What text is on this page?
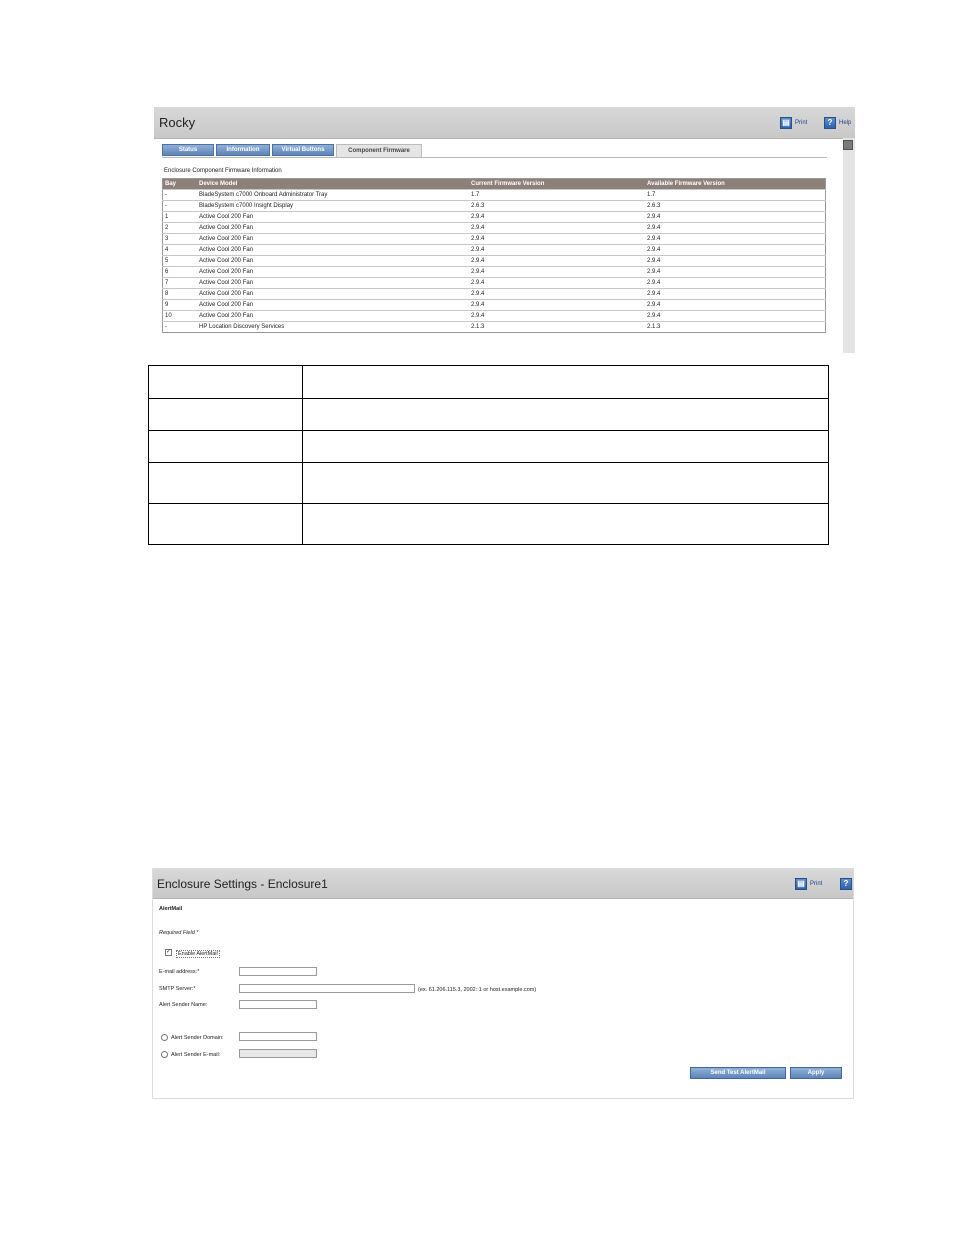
Rocky	▤ Print	?	Help
Status	Information	Virtual Buttons	Component Firmware
Enclosure Component Firmware Information
Bay	Device Model	Current Firmware Version	Available Firmware Version
-	BladeSystem c7000 Onboard Administrator Tray	1.7	1.7
-	BladeSystem c7000 Insight Display	2.6.3	2.6.3
1	Active Cool 200 Fan	2.9.4	2.9.4
2	Active Cool 200 Fan	2.9.4	2.9.4
3	Active Cool 200 Fan	2.9.4	2.9.4
4	Active Cool 200 Fan	2.9.4	2.9.4
5	Active Cool 200 Fan	2.9.4	2.9.4
6	Active Cool 200 Fan	2.9.4	2.9.4
7	Active Cool 200 Fan	2.9.4	2.9.4
8	Active Cool 200 Fan	2.9.4	2.9.4
9	Active Cool 200 Fan	2.9.4	2.9.4
10	Active Cool 200 Fan	2.9.4	2.9.4
-	HP Location Discovery Services	2.1.3	2.1.3

Enclosure Settings - Enclosure1	▤ Print	?
AlertMail
Required Field *
✓	Enable AlertMail
E-mail address:*
SMTP Server:*	(ex. 61.206.115.3, 2002::1 or host.example.com)
Alert Sender Name:
Alert Sender Domain:
Alert Sender E-mail:
Send Test AlertMail	Apply
